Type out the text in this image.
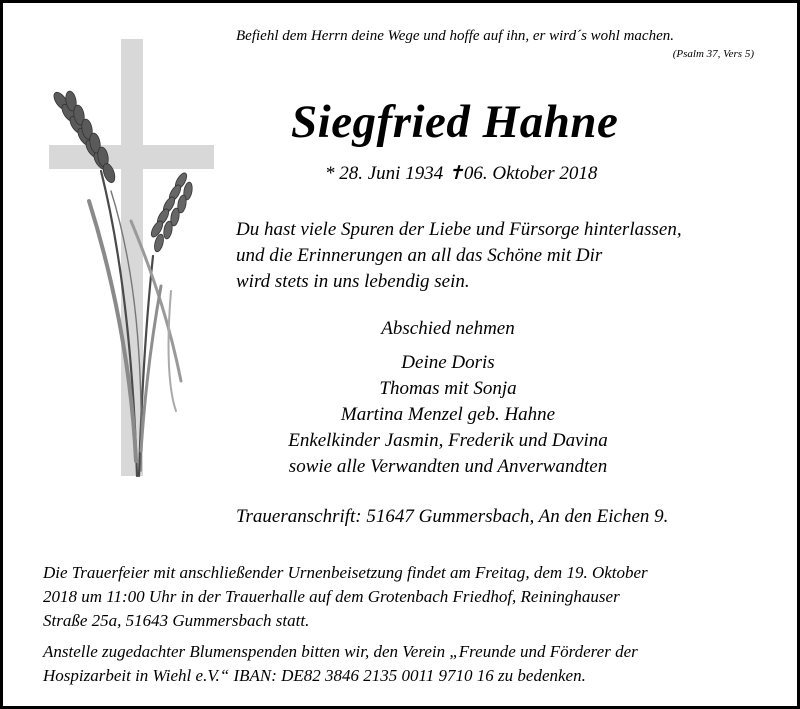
Befiehl dem Herrn deine Wege und hoffe auf ihn, er wird´s wohl machen.
(Psalm 37, Vers 5)
Siegfried Hahne
* 28. Juni 1934 ✝06. Oktober 2018
Du hast viele Spuren der Liebe und Fürsorge hinterlassen,
und die Erinnerungen an all das Schöne mit Dir
wird stets in uns lebendig sein.
Abschied nehmen
Deine Doris
Thomas mit Sonja
Martina Menzel geb. Hahne
Enkelkinder Jasmin, Frederik und Davina
sowie alle Verwandten und Anverwandten
Traueranschrift: 51647 Gummersbach, An den Eichen 9.
Die Trauerfeier mit anschließender Urnenbeisetzung findet am Freitag, dem 19. Oktober
2018 um 11:00 Uhr in der Trauerhalle auf dem Grotenbach Friedhof, Reininghauser
Straße 25a, 51643 Gummersbach statt.
Anstelle zugedachter Blumenspenden bitten wir, den Verein „Freunde und Förderer der
Hospizarbeit in Wiehl e.V.“ IBAN: DE82 3846 2135 0011 9710 16 zu bedenken.
